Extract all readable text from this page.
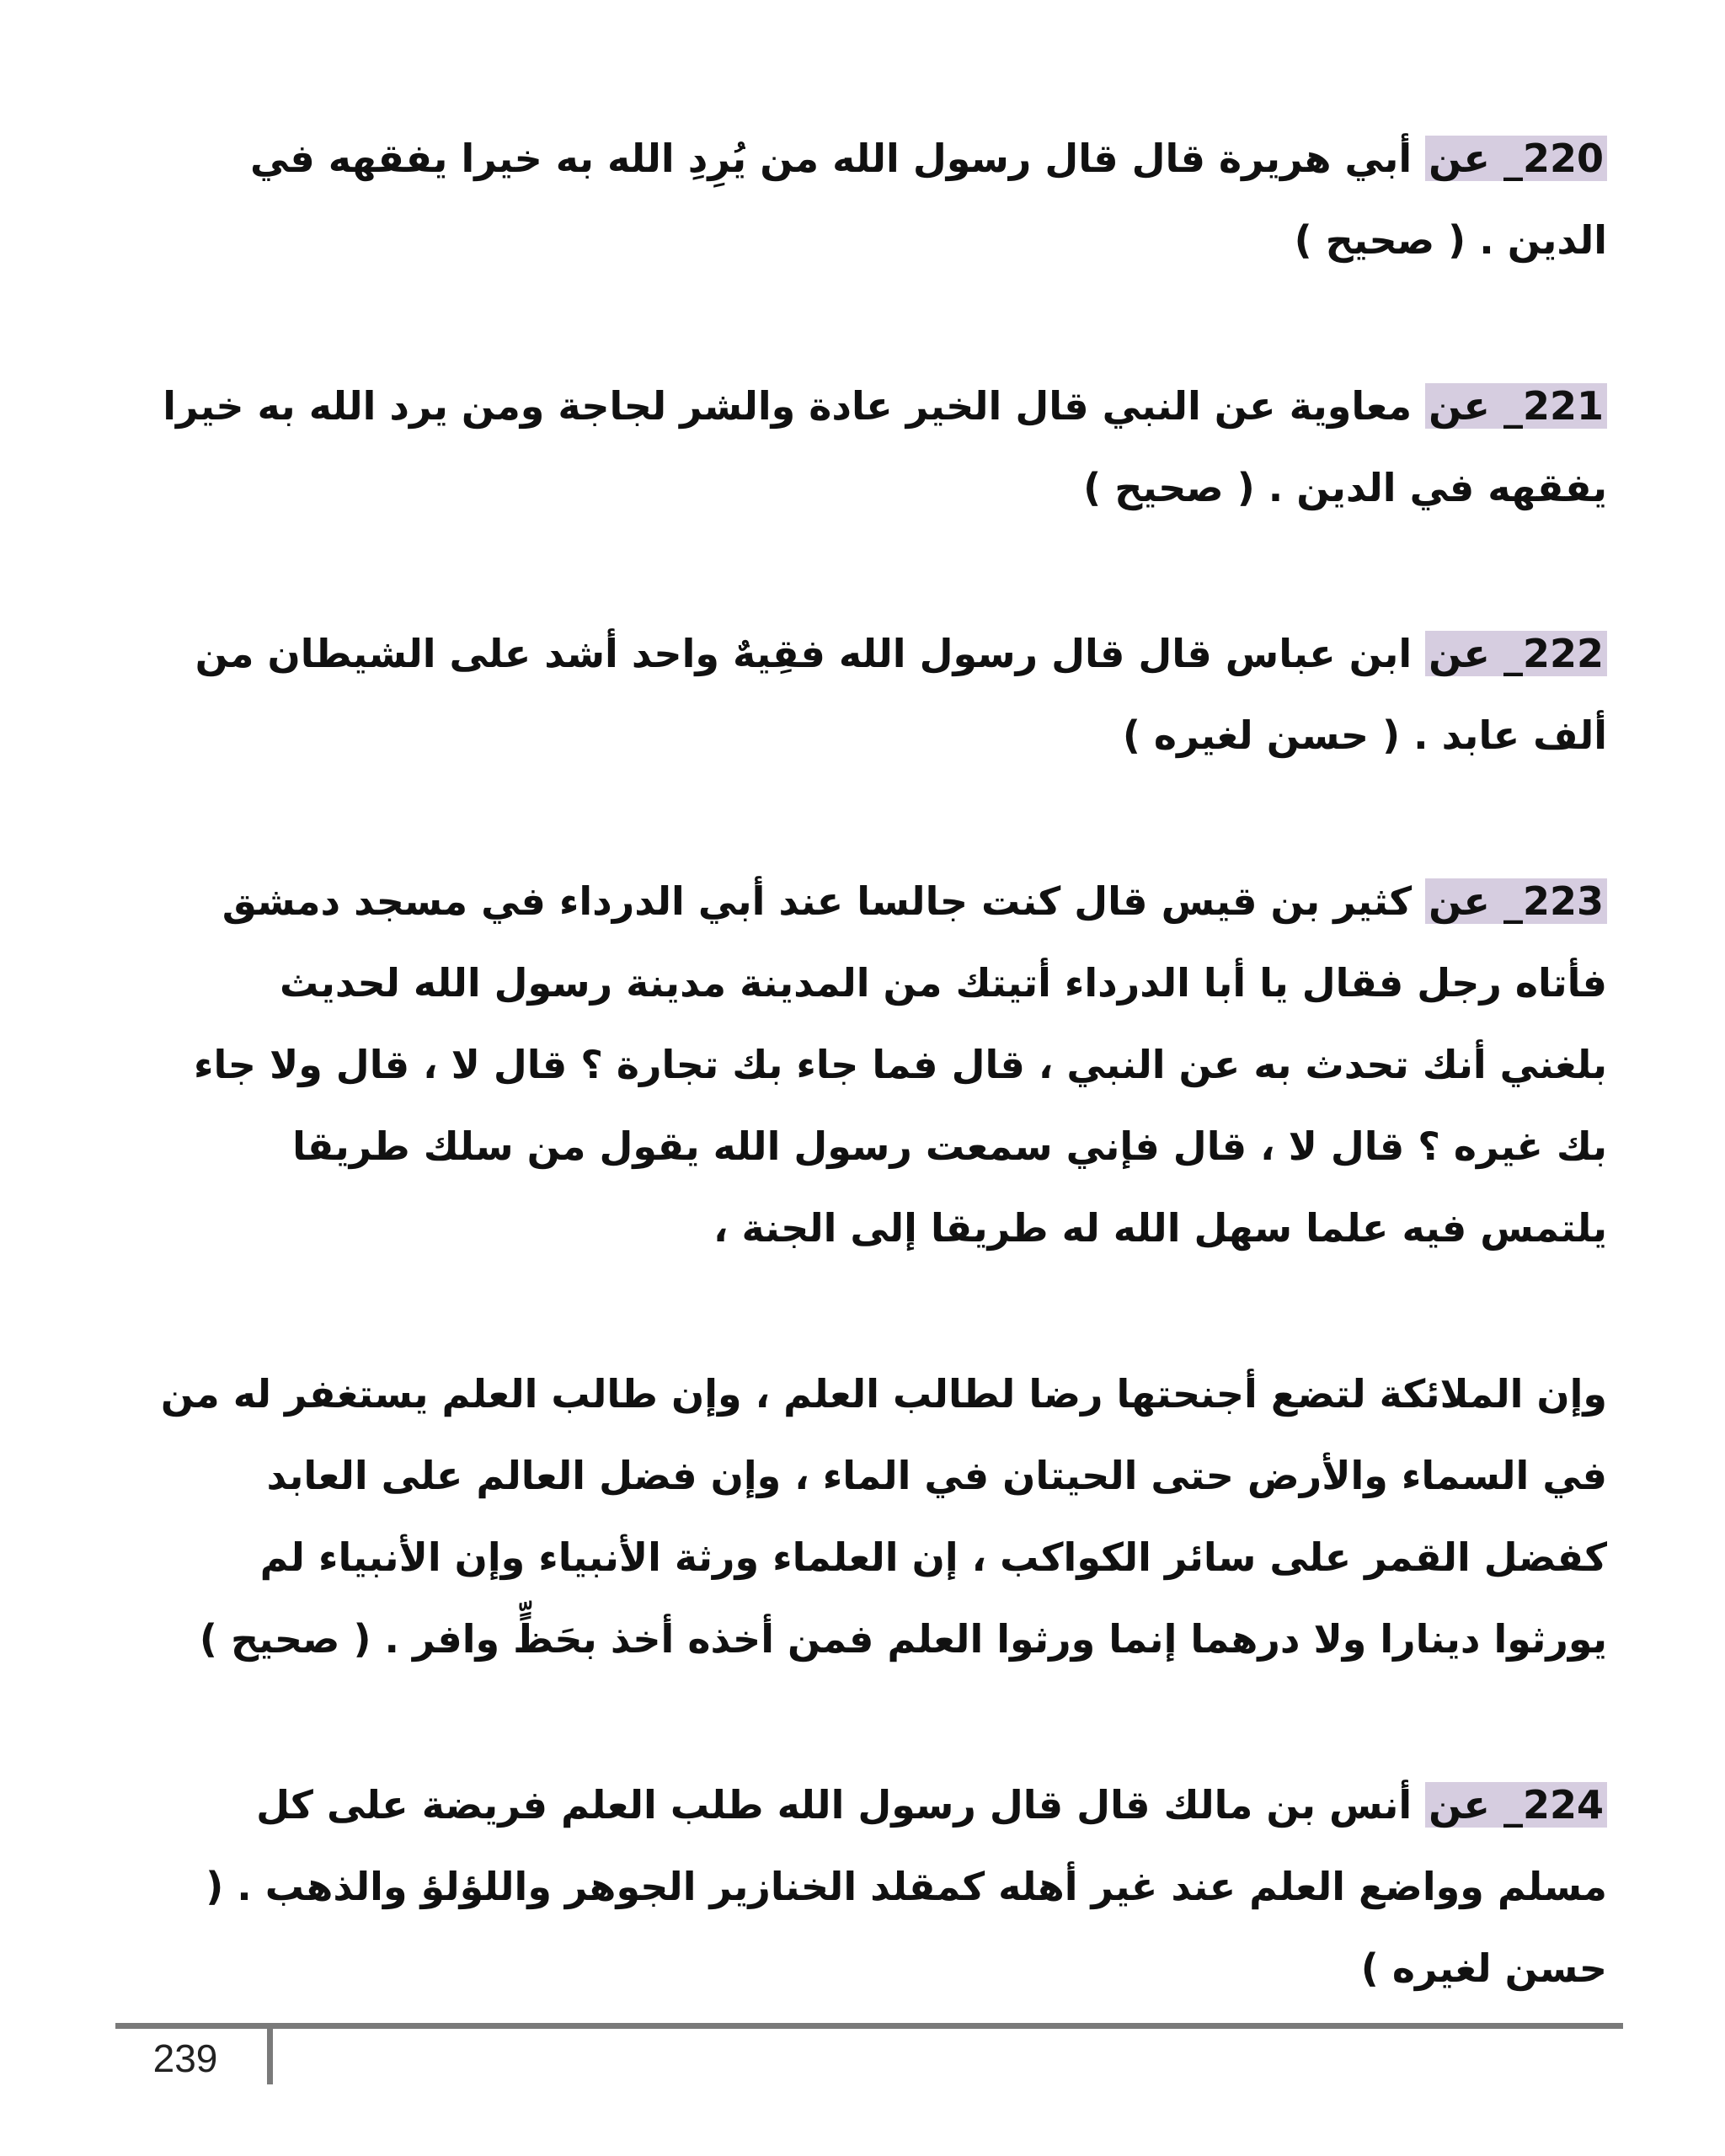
220_ عن أبي هريرة قال قال رسول الله من يُرِدِ الله به خيرا يفقهه في الدين . ( صحيح )

221_ عن معاوية عن النبي قال الخير عادة والشر لجاجة ومن يرد الله به خيرا يفقهه في الدين . ( صحيح )

222_ عن ابن عباس قال قال رسول الله فقِيهٌ واحد أشد على الشيطان من ألف عابد . ( حسن لغيره )

223_ عن كثير بن قيس قال كنت جالسا عند أبي الدرداء في مسجد دمشق فأتاه رجل فقال يا أبا الدرداء أتيتك من المدينة مدينة رسول الله لحديث بلغني أنك تحدث به عن النبي ، قال فما جاء بك تجارة ؟ قال لا ، قال ولا جاء بك غيره ؟ قال لا ، قال فإني سمعت رسول الله يقول من سلك طريقا يلتمس فيه علما سهل الله له طريقا إلى الجنة ،

وإن الملائكة لتضع أجنحتها رضا لطالب العلم ، وإن طالب العلم يستغفر له من في السماء والأرض حتى الحيتان في الماء ، وإن فضل العالم على العابد كفضل القمر على سائر الكواكب ، إن العلماء ورثة الأنبياء وإن الأنبياء لم يورثوا دينارا ولا درهما إنما ورثوا العلم فمن أخذه أخذ بحَظٍّ وافر . ( صحيح )

224_ عن أنس بن مالك قال قال رسول الله طلب العلم فريضة على كل مسلم وواضع العلم عند غير أهله كمقلد الخنازير الجوهر واللؤلؤ والذهب . ( حسن لغيره )

239
